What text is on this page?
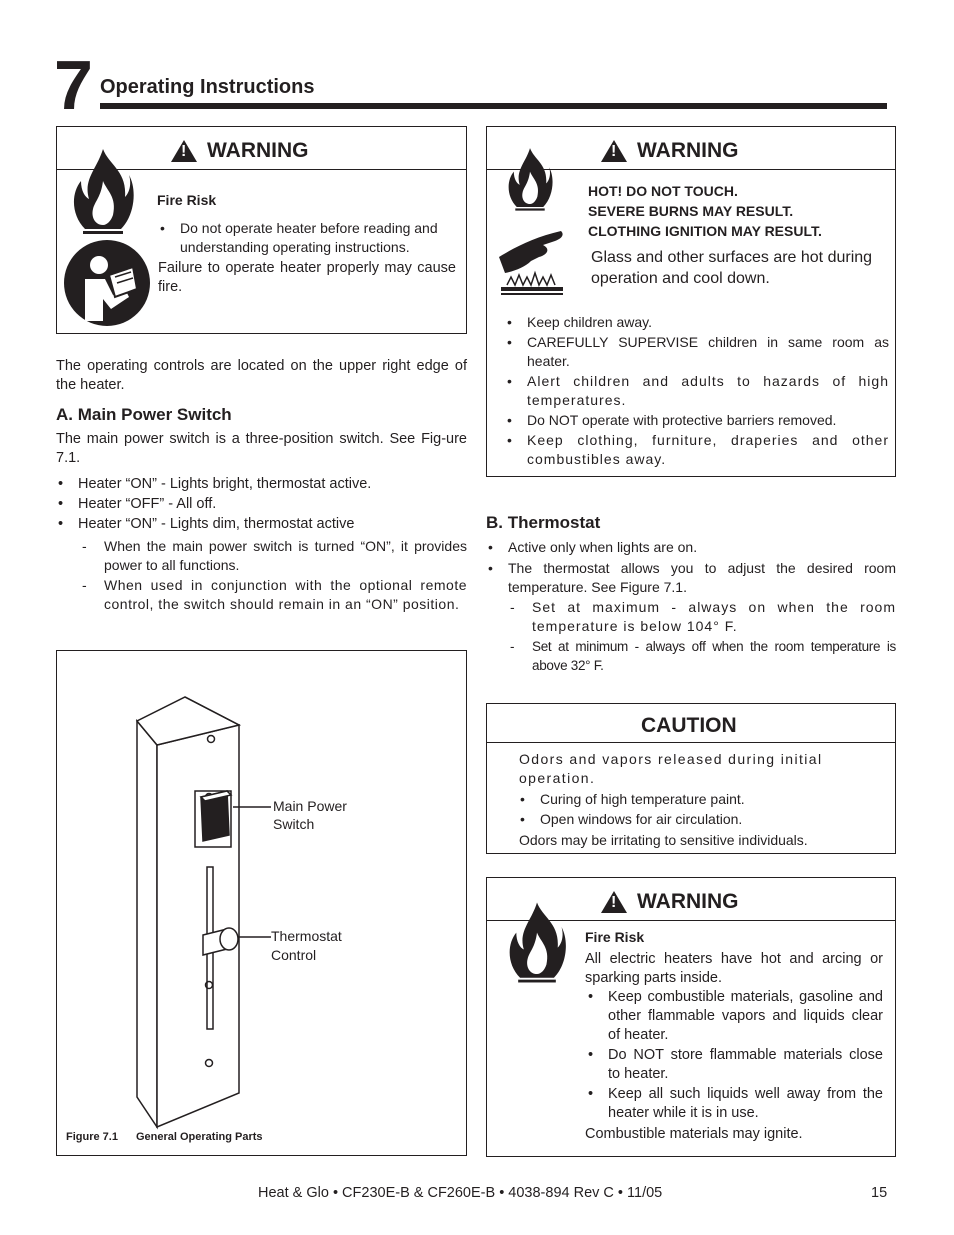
7 Operating Instructions
!
WARNING
Fire Risk
• Do not operate heater before reading and understanding operating instructions.
Failure to operate heater properly may cause fire.
!
WARNING
HOT! DO NOT TOUCH.
SEVERE BURNS MAY RESULT.
CLOTHING IGNITION MAY RESULT.
Glass and other surfaces are hot during operation and cool down.
• Keep children away.
• CAREFULLY SUPERVISE children in same room as heater.
• Alert children and adults to hazards of high temperatures.
• Do NOT operate with protective barriers removed.
• Keep clothing, furniture, draperies and other combustibles away.
The operating controls are located on the upper right edge of the heater.
A. Main Power Switch
The main power switch is a three-position switch. See Fig-ure 7.1.
• Heater “ON” - Lights bright, thermostat active.
• Heater “OFF” - All off.
• Heater “ON” - Lights dim, thermostat active
- When the main power switch is turned “ON”, it provides power to all functions.
- When used in conjunction with the optional remote control, the switch should remain in an “ON” position.
Main Power
Switch
Thermostat
Control
Figure 7.1 General Operating Parts
B. Thermostat
• Active only when lights are on.
• The thermostat allows you to adjust the desired room temperature. See Figure 7.1.
- Set at maximum - always on when the room temperature is below 104° F.
- Set at minimum - always off when the room temperature is above 32° F.
CAUTION
Odors and vapors released during initial operation.
• Curing of high temperature paint.
• Open windows for air circulation.
Odors may be irritating to sensitive individuals.
!
WARNING
Fire Risk
All electric heaters have hot and arcing or sparking parts inside.
• Keep combustible materials, gasoline and other flammable vapors and liquids clear of heater.
• Do NOT store flammable materials close to heater.
• Keep all such liquids well away from the heater while it is in use.
Combustible materials may ignite.
Heat & Glo • CF230E-B & CF260E-B • 4038-894 Rev C • 11/05	15
